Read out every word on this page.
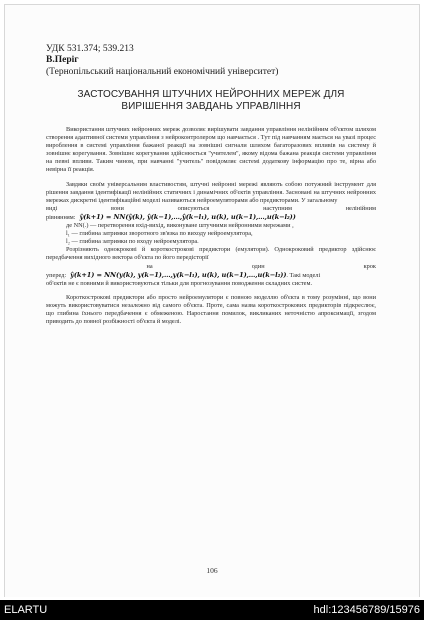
УДК 531.374; 539.213
В.Періг
(Тернопільський національний економічний університет)
ЗАСТОСУВАННЯ ШТУЧНИХ НЕЙРОННИХ МЕРЕЖ ДЛЯ
ВИРІШЕННЯ ЗАВДАНЬ УПРАВЛІННЯ

Використання штучних нейронних мереж дозволяє вирішувати завдання управління нелінійним об'єктом шляхом створення адаптивної системи управління з нейроконтролером що навчається . Тут під навчанням мається на увазі процес вироблення в системі управління бажаної реакції на зовнішні сигнали шляхом багаторазових впливів на систему й зовнішнє корегування. Зовнішнє корегування здійснюється "учителем", якому відома бажана реакція системи управління на певні впливи. Таким чином, при навчанні "учитель" повідомляє системі додаткову інформацію про те, вірна або невірна її реакція.

Завдяки своїм універсальним властивостям, штучні нейронні мережі являють собою потужний інструмент для рішення завдання ідентифікації нелінійних статичних і динамічних об'єктів управління. Засновані на штучних нейронних мережах дискретні ідентифікаційні моделі називаються нейроемуляторами або предикторами. У загальному

виді	вони	описуються	наступним	нелінійним
рівнянням: ŷ(k+1) = NN(ŷ(k), ŷ(k−1),…,ŷ(k−l₁), u(k), u(k−1),…,u(k−l₂))

де NN(.) — перетворення вхід-вихід, виконуване штучними нейронними мережами ,

l₁ — глибина затримки зворотного зв'язка по виходу нейроемулятора,

l₂ — глибина затримки по входу нейроемулятора.

Розрізняють однокрокові й короткострокові предиктори (емулятори). Однокроковий предиктор здійснює передбачення вихідного вектора об'єкта по його передісторії

на	один	крок
уперед: ŷ(k+1) = NN(y(k), y(k−1),…,y(k−l₁), u(k), u(k−1),…,u(k−l₂)) . Такі моделі

об'єктів не є повними й використовуються тільки для прогнозування поводження складних систем.

Короткострокові предиктори або просто нейроемулятори є повною моделлю об'єкта в тому розумінні, що вони можуть використовуватися незалежно від самого об'єкта. Проте, сама назва короткострокових предикторів підкреслює, що глибина їхнього передбачення є обмеженою. Наростання помилок, викликаних неточністю апроксимації, згодом приводить до повної розбіжності об'єкта й моделі.

106
ELARTU	hdl:123456789/15976
